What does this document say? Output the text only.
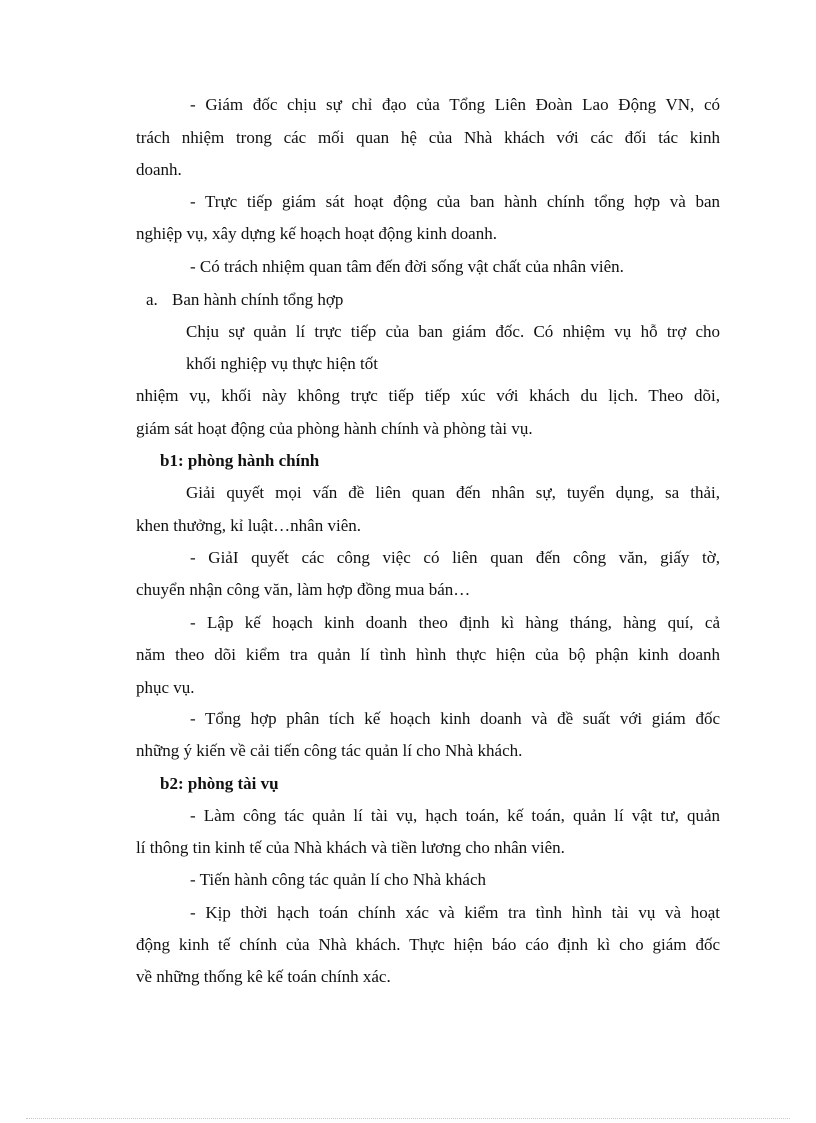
- Giám đốc chịu sự chỉ đạo của Tổng Liên Đoàn Lao Động VN, có
trách nhiệm trong các mối quan hệ của Nhà khách với các đối tác kinh
doanh.
- Trực tiếp giám sát hoạt động của ban hành chính tổng hợp và ban
nghiệp vụ, xây dựng kế hoạch hoạt động kinh doanh.
- Có trách nhiệm quan tâm đến đời sống vật chất của nhân viên.
a. Ban hành chính tổng hợp
Chịu sự quản lí trực tiếp của ban giám đốc. Có nhiệm vụ hỗ trợ cho
khối nghiệp vụ thực hiện tốt
nhiệm vụ, khối này không trực tiếp tiếp xúc với khách du lịch. Theo dõi,
giám sát hoạt động của phòng hành chính và phòng tài vụ.
b1: phòng hành chính
Giải quyết mọi vấn đề liên quan đến nhân sự, tuyển dụng, sa thải,
khen thưởng, kỉ luật…nhân viên.
- GiảI quyết các công việc có liên quan đến công văn, giấy tờ,
chuyển nhận công văn, làm hợp đồng mua bán…
- Lập kế hoạch kinh doanh theo định kì hàng tháng, hàng quí, cả
năm theo dõi kiểm tra quản lí tình hình thực hiện của bộ phận kinh doanh
phục vụ.
- Tổng hợp phân tích kế hoạch kinh doanh và đề suất với giám đốc
những ý kiến về cải tiến công tác quản lí cho Nhà khách.
b2: phòng tài vụ
- Làm công tác quản lí tài vụ, hạch toán, kế toán, quản lí vật tư, quản
lí thông tin kinh tế của Nhà khách và tiền lương cho nhân viên.
- Tiến hành công tác quản lí cho Nhà khách
- Kịp thời hạch toán chính xác và kiểm tra tình hình tài vụ và hoạt
động kinh tế chính của Nhà khách. Thực hiện báo cáo định kì cho giám đốc
về những thống kê kế toán chính xác.
